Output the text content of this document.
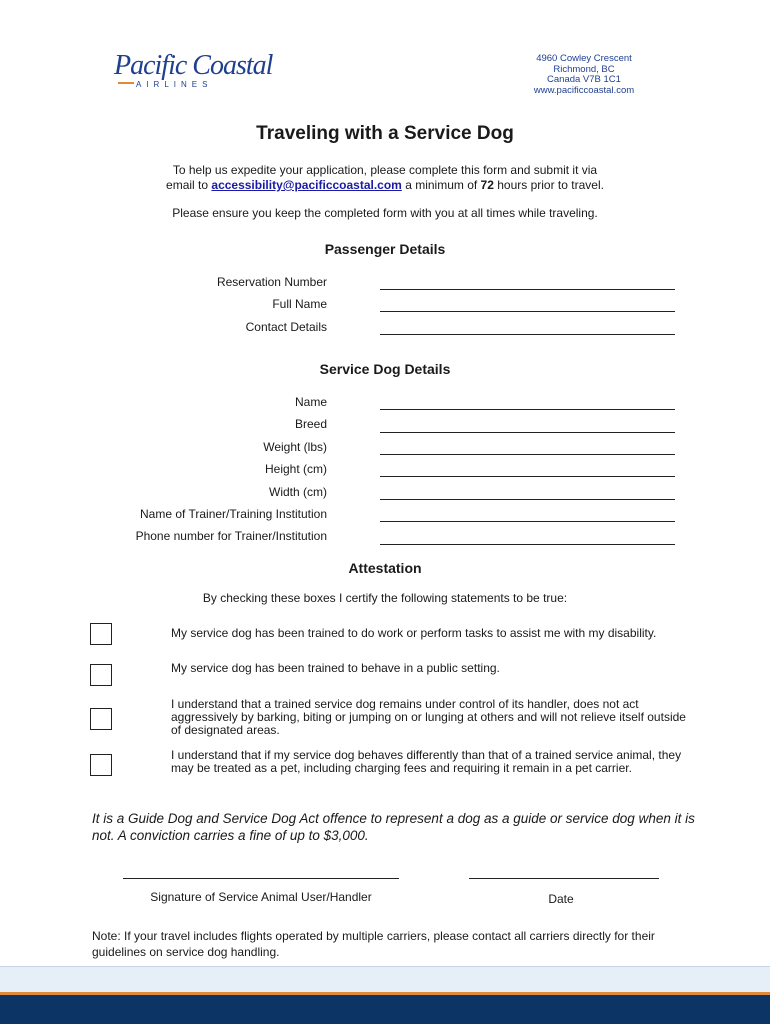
Pacific Coastal
AIRLINES
4960 Cowley Crescent
Richmond, BC
Canada V7B 1C1
www.pacificcoastal.com
Traveling with a Service Dog
To help us expedite your application, please complete this form and submit it via
email to accessibility@pacificcoastal.com a minimum of 72 hours prior to travel.
Please ensure you keep the completed form with you at all times while traveling.
Passenger Details
Reservation Number
Full Name
Contact Details
Service Dog Details
Name
Breed
Weight (lbs)
Height (cm)
Width (cm)
Name of Trainer/Training Institution
Phone number for Trainer/Institution
Attestation
By checking these boxes I certify the following statements to be true:
My service dog has been trained to do work or perform tasks to assist me with my disability.
My service dog has been trained to behave in a public setting.
I understand that a trained service dog remains under control of its handler, does not act aggressively by barking, biting or jumping on or lunging at others and will not relieve itself outside of designated areas.
I understand that if my service dog behaves differently than that of a trained service animal, they may be treated as a pet, including charging fees and requiring it remain in a pet carrier.
It is a Guide Dog and Service Dog Act offence to represent a dog as a guide or service dog when it is not. A conviction carries a fine of up to $3,000.
Signature of Service Animal User/Handler	Date
Note: If your travel includes flights operated by multiple carriers, please contact all carriers directly for their guidelines on service dog handling.
